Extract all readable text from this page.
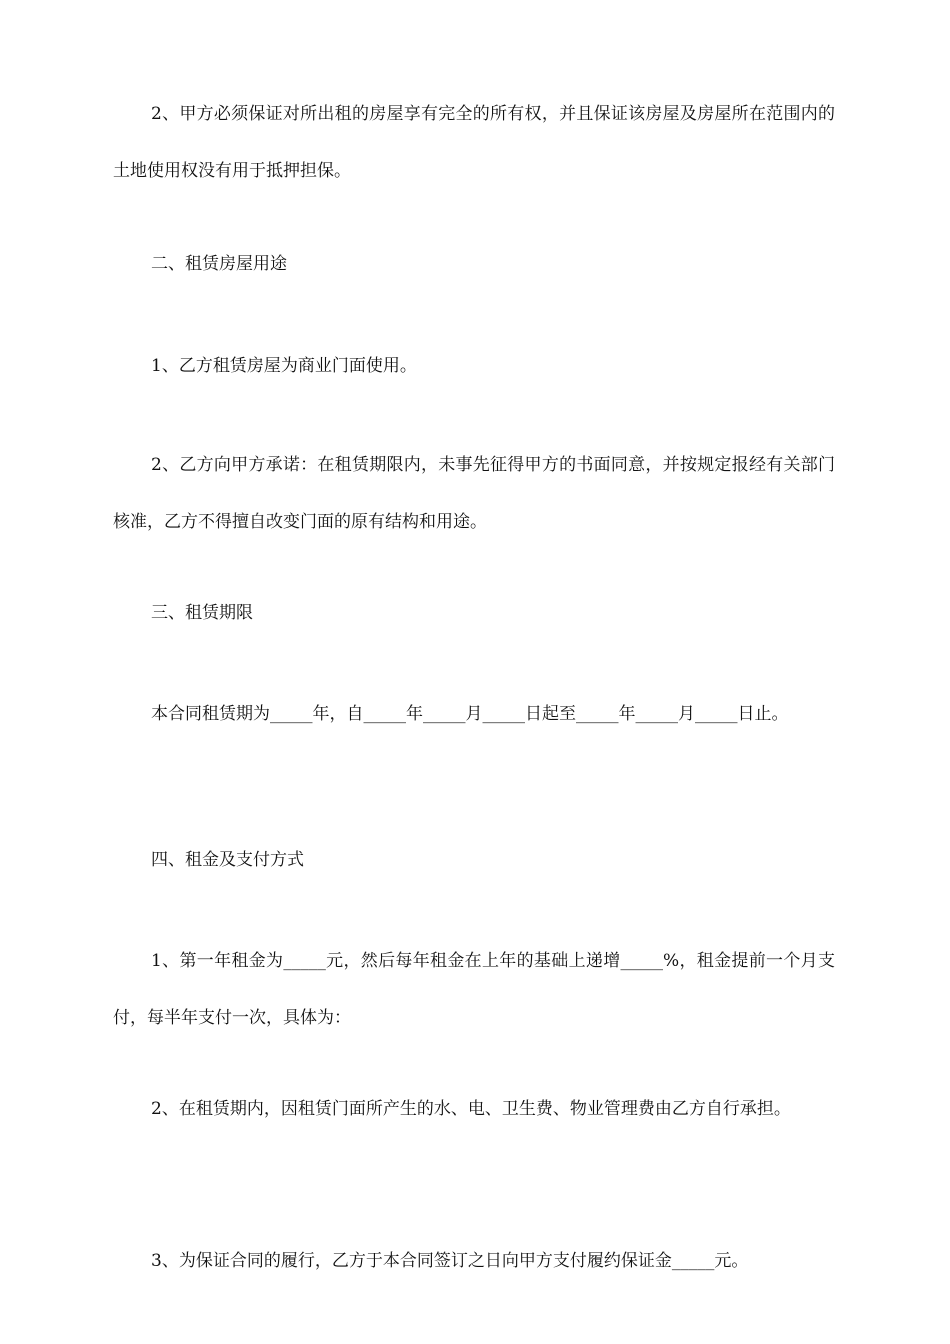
2、甲方必须保证对所出租的房屋享有完全的所有权，并且保证该房屋及房屋所在范围内的土地使用权没有用于抵押担保。

二、租赁房屋用途

1、乙方租赁房屋为商业门面使用。

2、乙方向甲方承诺：在租赁期限内，未事先征得甲方的书面同意，并按规定报经有关部门核准，乙方不得擅自改变门面的原有结构和用途。

三、租赁期限

本合同租赁期为_____年，自_____年_____月_____日起至_____年_____月_____日止。

四、租金及支付方式

1、第一年租金为_____元，然后每年租金在上年的基础上递增_____%，租金提前一个月支付，每半年支付一次，具体为：

2、在租赁期内，因租赁门面所产生的水、电、卫生费、物业管理费由乙方自行承担。

3、为保证合同的履行，乙方于本合同签订之日向甲方支付履约保证金_____元。
